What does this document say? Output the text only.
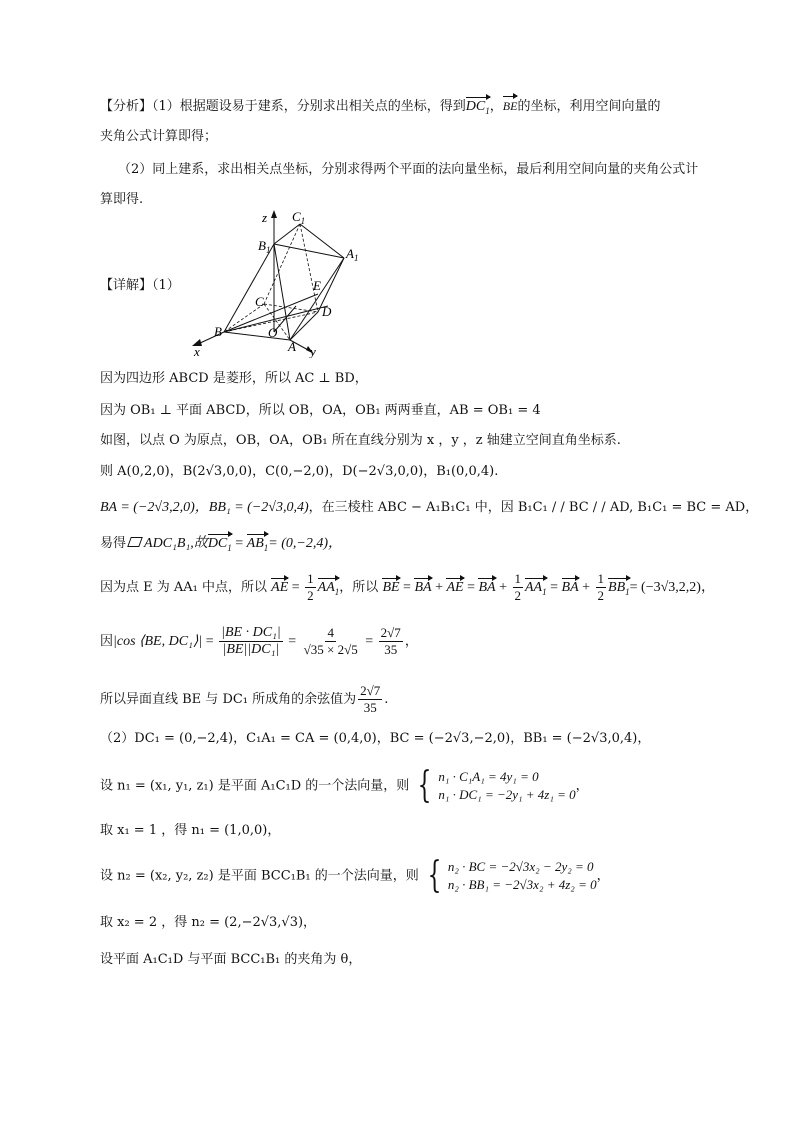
【分析】（1）根据题设易于建系，分别求出相关点的坐标，得到$DC_1$，BE的坐标，利用空间向量的
夹角公式计算即得；
（2）同上建系，求出相关点坐标，分别求得两个平面的法向量坐标，最后利用空间向量的夹角公式计
算即得.
【详解】（1）
z $C_1$
$B_1$	$A_1$
E
C
D
B	O
A
x	y
因为四边形 ABCD 是菱形，所以 AC ⊥ BD，
因为 OB₁ ⊥ 平面 ABCD，所以 OB，OA，OB₁ 两两垂直，AB = OB₁ = 4
如图，以点 O 为原点，OB，OA，OB₁ 所在直线分别为 x ，y ，z 轴建立空间直角坐标系.
则 A(0,2,0)，B(2√3,0,0)，C(0,−2,0)，D(−2√3,0,0)，B₁(0,0,4).
BA = (−2√3,2,0)，BB₁ = (−2√3,0,4)，在三棱柱 ABC − A₁B₁C₁ 中，因 B₁C₁ / / BC / / AD, B₁C₁ = BC = AD，
易得 ADC₁B₁,故$DC_1 = AB_1= (0,-2,4)$，
因为点 E 为 AA₁ 中点，所以 AE = $\frac{1}{2} AA_1$，所以 BE = BA + AE = BA + $\frac{1}{2} AA_1$ = BA + $\frac{1}{2} BB_1= (-3√3,2,2)$，
因|cos ⟨BE, DC₁⟩| = $\frac{\text{|BE · DC₁|}}{\text{|BE||DC₁|}} = \frac{4}{√35 \times 2√5} = \frac{2√7}{35}$ ，
所以异面直线 BE 与 DC₁ 所成角的余弦值为 $\frac{2√7}{35}$ .
（2）DC₁ = (0,−2,4)，C₁A₁ = CA = (0,4,0)，BC = (−2√3,−2,0)，BB₁ = (−2√3,0,4)，
设 n₁ = (x₁, y₁, z₁) 是平面 A₁C₁D 的一个法向量，则 { n₁ · C₁A₁ = 4y₁ = 0
n₁ · DC₁ = −2y₁ + 4z₁ = 0
，
取 x₁ = 1 ，得 n₁ = (1,0,0)，
设 n₂ = (x₂, y₂, z₂) 是平面 BCC₁B₁ 的一个法向量，则 { n₂ · BC = −2√3x₂ − 2y₂ = 0
n₂ · BB₁ = −2√3x₂ + 4z₂ = 0
，
取 x₂ = 2 ，得 n₂ = (2,−2√3,√3)，
设平面 A₁C₁D 与平面 BCC₁B₁ 的夹角为 θ，
